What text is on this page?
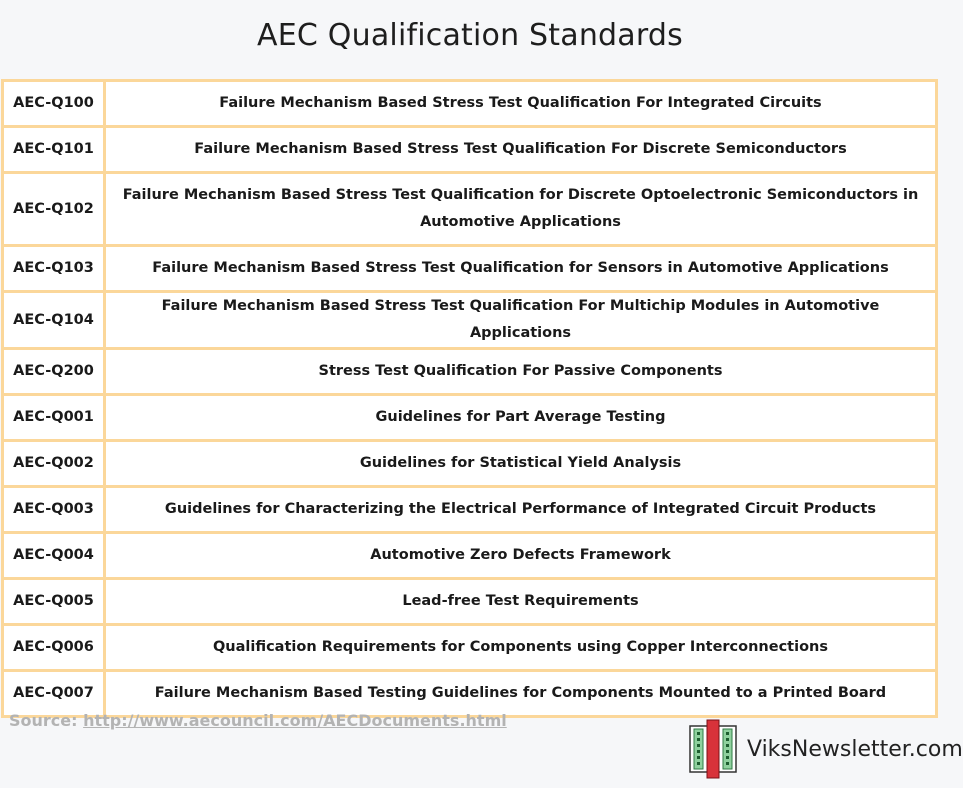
AEC Qualification Standards
AEC-Q100	Failure Mechanism Based Stress Test Qualification For Integrated Circuits
AEC-Q101	Failure Mechanism Based Stress Test Qualification For Discrete Semiconductors
AEC-Q102	Failure Mechanism Based Stress Test Qualification for Discrete Optoelectronic Semiconductors in Automotive Applications
AEC-Q103	Failure Mechanism Based Stress Test Qualification for Sensors in Automotive Applications
AEC-Q104	Failure Mechanism Based Stress Test Qualification For Multichip Modules in Automotive Applications
AEC-Q200	Stress Test Qualification For Passive Components
AEC-Q001	Guidelines for Part Average Testing
AEC-Q002	Guidelines for Statistical Yield Analysis
AEC-Q003	Guidelines for Characterizing the Electrical Performance of Integrated Circuit Products
AEC-Q004	Automotive Zero Defects Framework
AEC-Q005	Lead-free Test Requirements
AEC-Q006	Qualification Requirements for Components using Copper Interconnections
AEC-Q007	Failure Mechanism Based Testing Guidelines for Components Mounted to a Printed Board
Source: http://www.aecouncil.com/AECDocuments.html
ViksNewsletter.com
